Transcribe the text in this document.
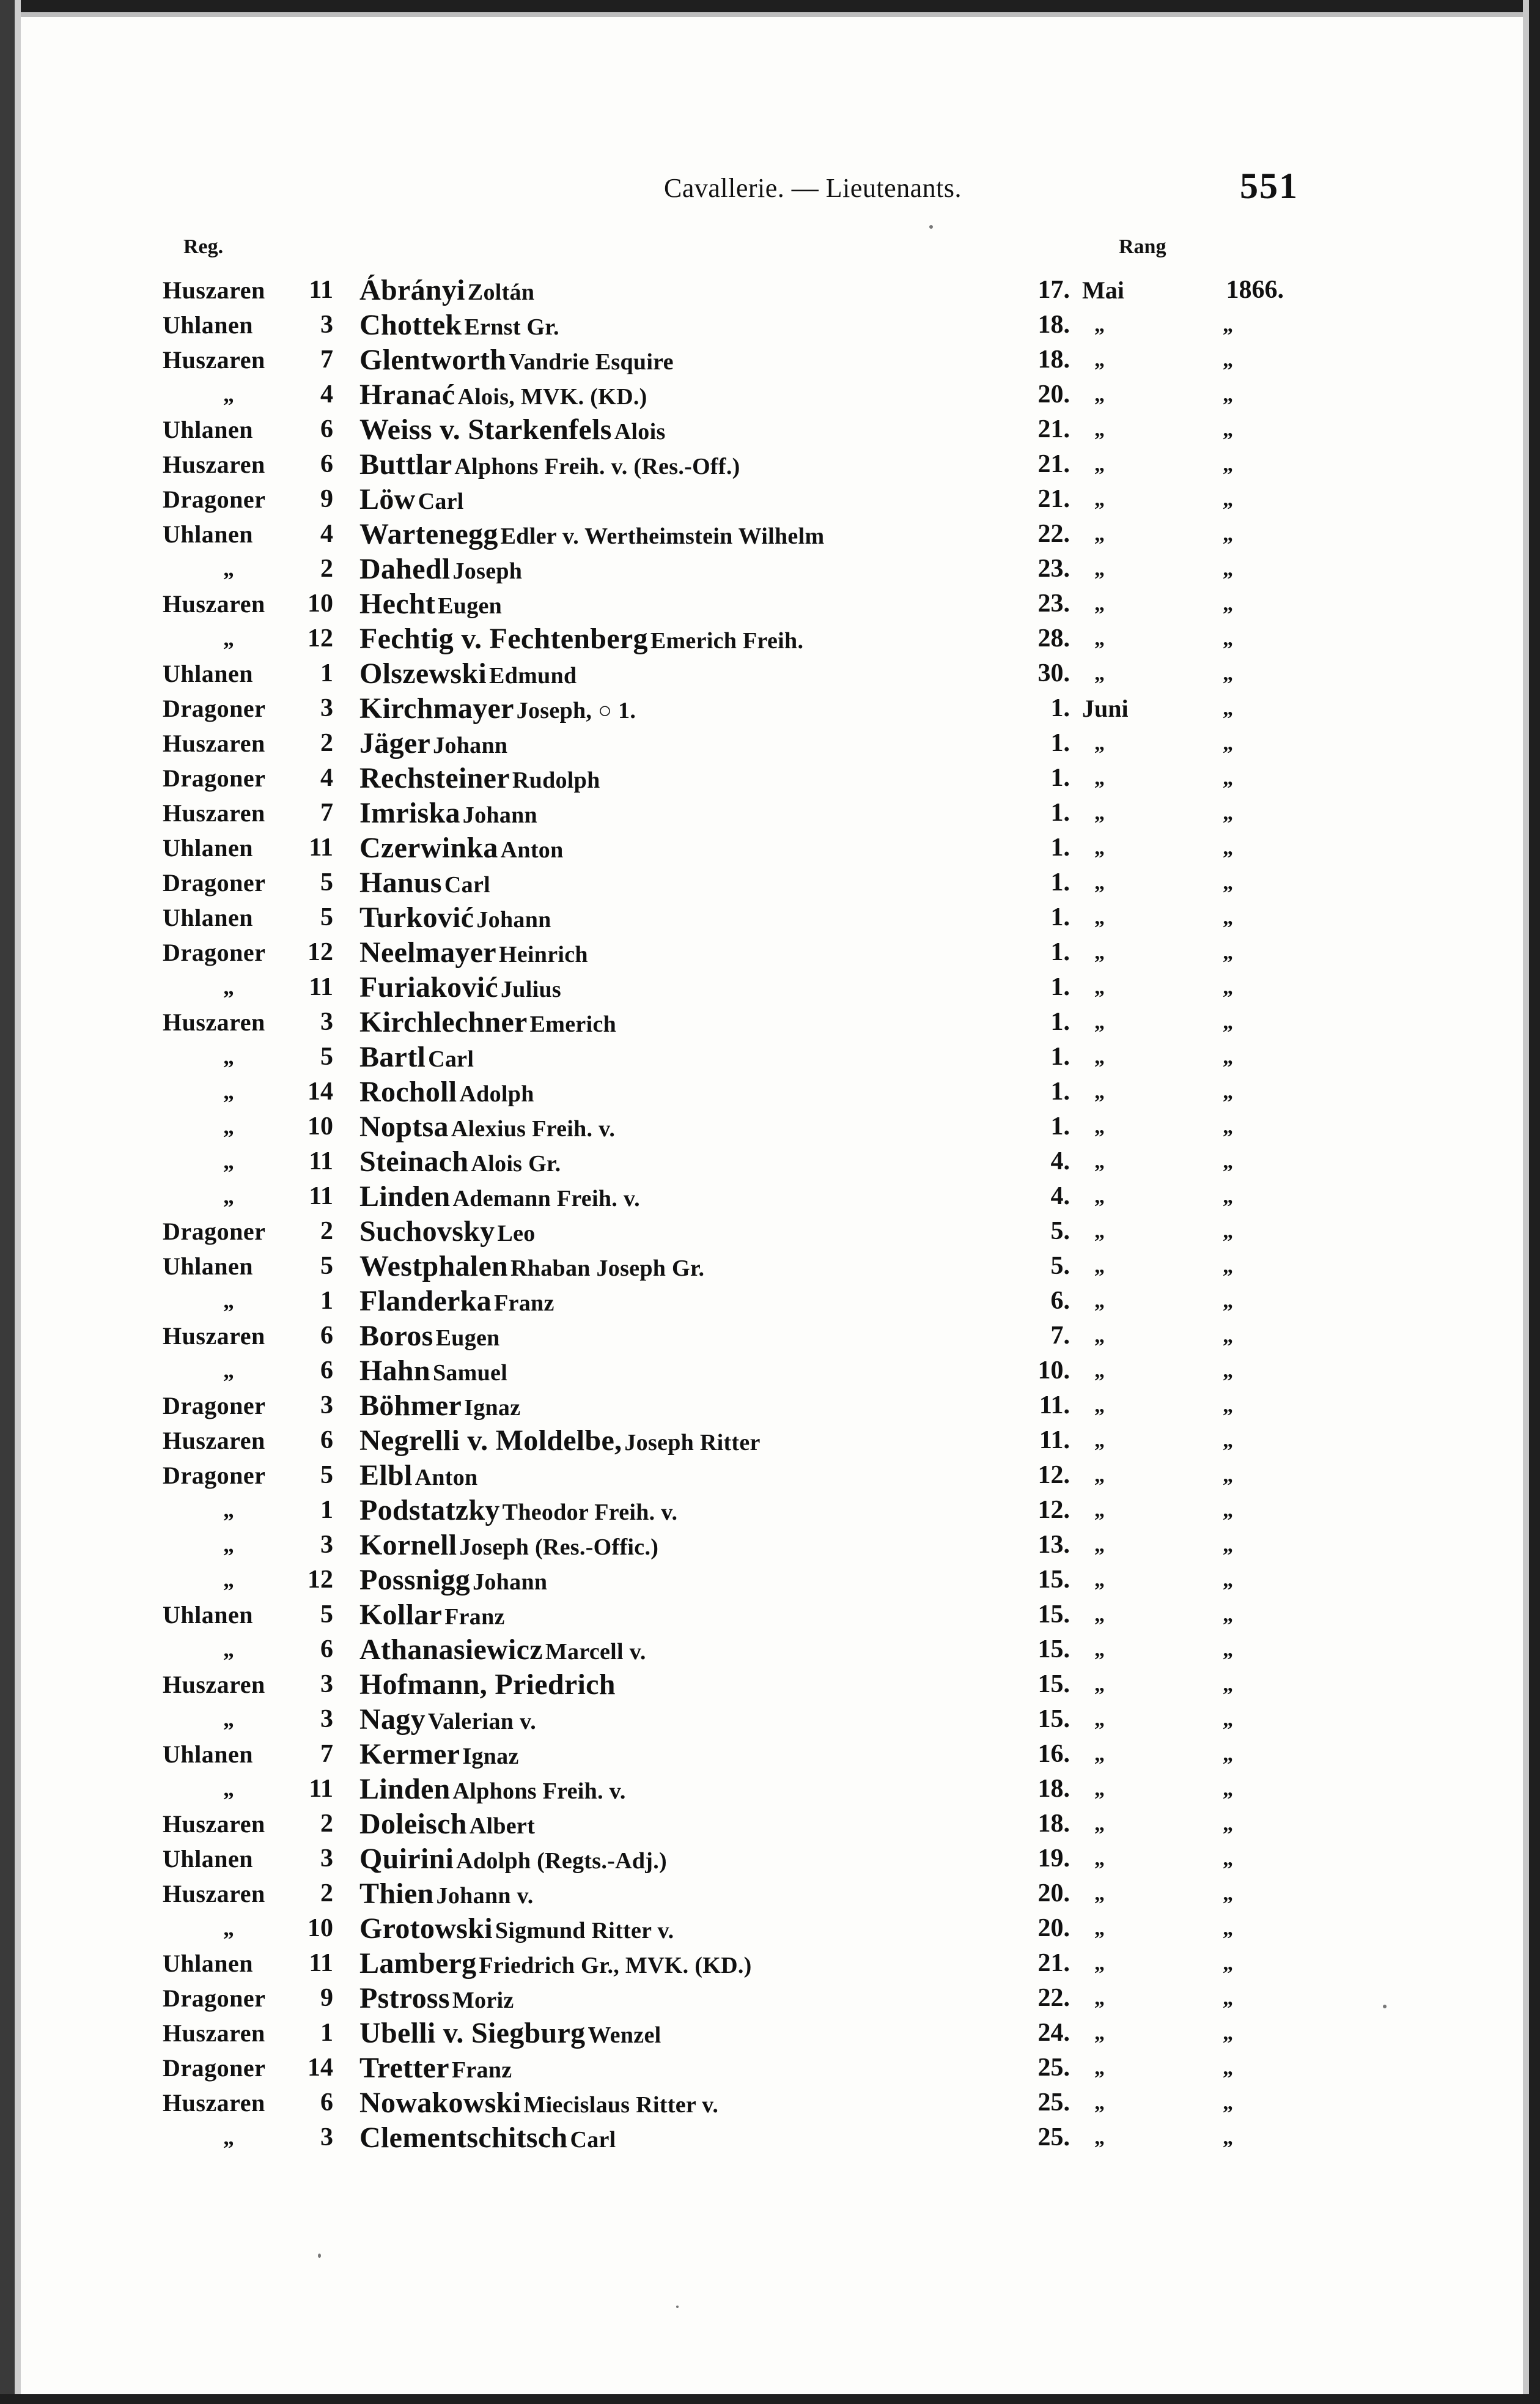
Cavallerie. — Lieutenants.	551
Reg.	Rang
Huszaren	11 Ábrányi Zoltán	17. Mai	1866.
Uhlanen	3 Chottek Ernst Gr.	18. „	„
Huszaren	7 Glentworth Vandrie Esquire	18. „	„
„	4 Hranać Alois, MVK. (KD.)	20. „	„
Uhlanen	6 Weiss v. Starkenfels Alois	21. „	„
Huszaren	6 Buttlar Alphons Freih. v. (Res.-Off.)	21. „	„
Dragoner	9 Löw Carl	21. „	„
Uhlanen	4 Wartenegg Edler v. Wertheimstein Wilhelm	22. „	„
„	2 Dahedl Joseph	23. „	„
Huszaren	10 Hecht Eugen	23. „	„
„	12 Fechtig v. Fechtenberg Emerich Freih.	28. „	„
Uhlanen	1 Olszewski Edmund	30. „	„
Dragoner	3 Kirchmayer Joseph, ○ 1.	1. Juni	„
Huszaren	2 Jäger Johann	1. „	„
Dragoner	4 Rechsteiner Rudolph	1. „	„
Huszaren	7 Imriska Johann	1. „	„
Uhlanen	11 Czerwinka Anton	1. „	„
Dragoner	5 Hanus Carl	1. „	„
Uhlanen	5 Turković Johann	1. „	„
Dragoner	12 Neelmayer Heinrich	1. „	„
„	11 Furiaković Julius	1. „	„
Huszaren	3 Kirchlechner Emerich	1. „	„
„	5 Bartl Carl	1. „	„
„	14 Rocholl Adolph	1. „	„
„	10 Noptsa Alexius Freih. v.	1. „	„
„	11 Steinach Alois Gr.	4. „	„
„	11 Linden Ademann Freih. v.	4. „	„
Dragoner	2 Suchovsky Leo	5. „	„
Uhlanen	5 Westphalen Rhaban Joseph Gr.	5. „	„
„	1 Flanderka Franz	6. „	„
Huszaren	6 Boros Eugen	7. „	„
„	6 Hahn Samuel	10. „	„
Dragoner	3 Böhmer Ignaz	11. „	„
Huszaren	6 Negrelli v. Moldelbe, Joseph Ritter	11. „	„
Dragoner	5 Elbl Anton	12. „	„
„	1 Podstatzky Theodor Freih. v.	12. „	„
„	3 Kornell Joseph (Res.-Offic.)	13. „	„
„	12 Possnigg Johann	15. „	„
Uhlanen	5 Kollar Franz	15. „	„
„	6 Athanasiewicz Marcell v.	15. „	„
Huszaren	3 Hofmann, Priedrich	15. „	„
„	3 Nagy Valerian v.	15. „	„
Uhlanen	7 Kermer Ignaz	16. „	„
„	11 Linden Alphons Freih. v.	18. „	„
Huszaren	2 Doleisch Albert	18. „	„
Uhlanen	3 Quirini Adolph (Regts.-Adj.)	19. „	„
Huszaren	2 Thien Johann v.	20. „	„
„	10 Grotowski Sigmund Ritter v.	20. „	„
Uhlanen	11 Lamberg Friedrich Gr., MVK. (KD.)	21. „	„
Dragoner	9 Pstross Moriz	22. „	„
Huszaren	1 Ubelli v. Siegburg Wenzel	24. „	„
Dragoner	14 Tretter Franz	25. „	„
Huszaren	6 Nowakowski Miecislaus Ritter v.	25. „	„
„	3 Clementschitsch Carl	25. „	„
